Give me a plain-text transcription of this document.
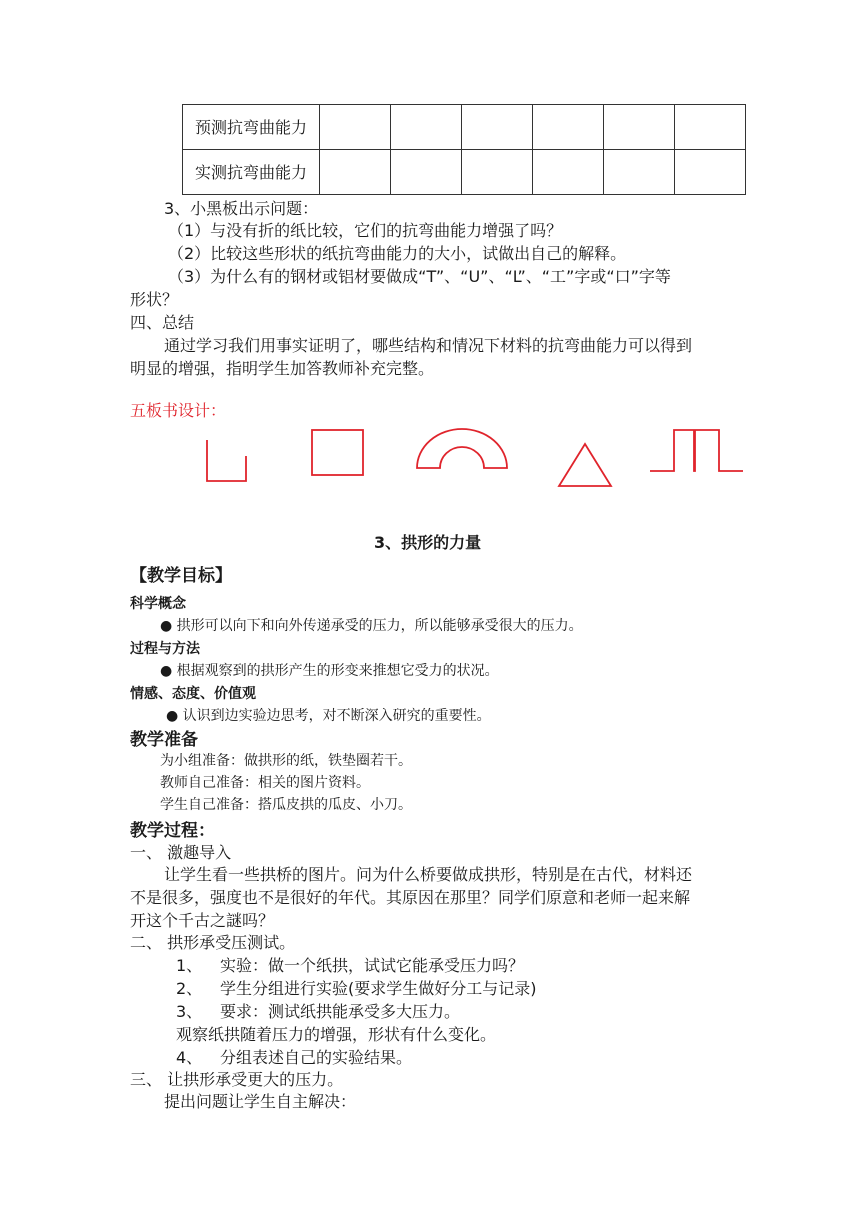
预测抗弯曲能力						
实测抗弯曲能力						
3、小黑板出示问题：
（1）与没有折的纸比较，它们的抗弯曲能力增强了吗？
（2）比较这些形状的纸抗弯曲能力的大小，试做出自己的解释。
（3）为什么有的钢材或铝材要做成“T”、“U”、“L”、“工”字或“口”字等
形状？
四、总结
通过学习我们用事实证明了，哪些结构和情况下材料的抗弯曲能力可以得到
明显的增强，指明学生加答教师补充完整。
五板书设计：
3、拱形的力量
【教学目标】
科学概念
● 拱形可以向下和向外传递承受的压力，所以能够承受很大的压力。
过程与方法
● 根据观察到的拱形产生的形变来推想它受力的状况。
情感、态度、价值观
● 认识到边实验边思考，对不断深入研究的重要性。
教学准备
为小组准备：做拱形的纸，铁垫圈若干。
教师自己准备：相关的图片资料。
学生自己准备：搭瓜皮拱的瓜皮、小刀。
教学过程：
一、 激趣导入
让学生看一些拱桥的图片。问为什么桥要做成拱形，特别是在古代，材料还
不是很多，强度也不是很好的年代。其原因在那里？同学们原意和老师一起来解
开这个千古之謎吗？
二、 拱形承受压测试。
1、 实验：做一个纸拱，试试它能承受压力吗？
2、 学生分组进行实验(要求学生做好分工与记录)
3、 要求：测试纸拱能承受多大压力。
观察纸拱随着压力的增强，形状有什么变化。
4、 分组表述自己的实验结果。
三、 让拱形承受更大的压力。
提出问题让学生自主解决：
